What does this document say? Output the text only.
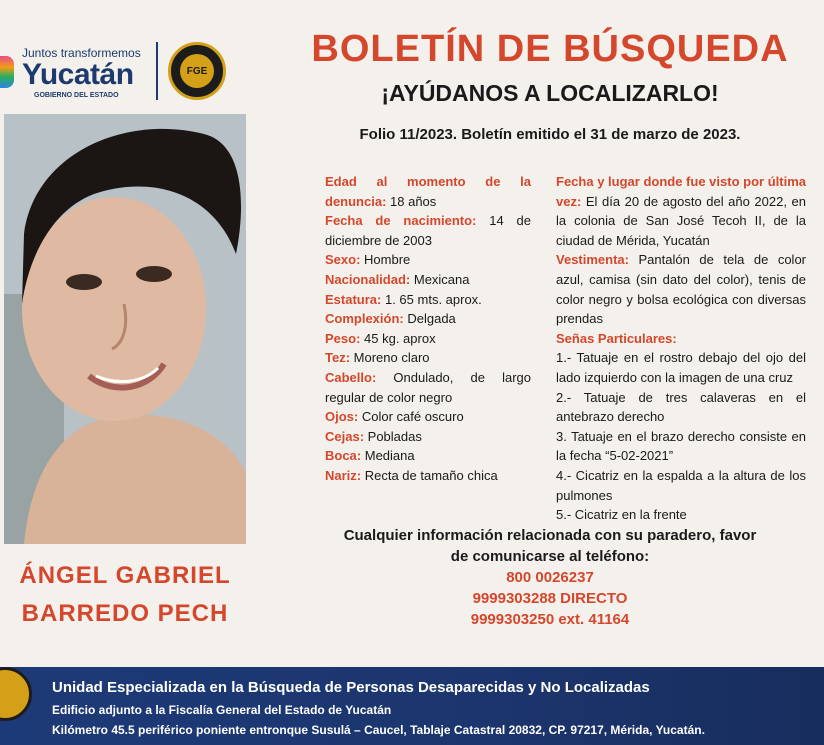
Juntos transformemos
Yucatán
GOBIERNO DEL ESTADO
FGE
BOLETÍN DE BÚSQUEDA
¡AYÚDANOS A LOCALIZARLO!
Folio 11/2023. Boletín emitido el 31 de marzo de 2023.
ÁNGEL GABRIEL
BARREDO PECH

Edad al momento de la denuncia: 18 años

Fecha de nacimiento: 14 de diciembre de 2003

Sexo: Hombre

Nacionalidad: Mexicana

Estatura: 1. 65 mts. aprox.

Complexión: Delgada

Peso: 45 kg. aprox

Tez: Moreno claro

Cabello: Ondulado, de largo regular de color negro

Ojos: Color café oscuro

Cejas: Pobladas

Boca: Mediana

Nariz: Recta de tamaño chica

Fecha y lugar donde fue visto por última vez: El día 20 de agosto del año 2022, en la colonia de San José Tecoh II, de la ciudad de Mérida, Yucatán

Vestimenta: Pantalón de tela de color azul, camisa (sin dato del color), tenis de color negro y bolsa ecológica con diversas prendas

Señas Particulares:

1.- Tatuaje en el rostro debajo del ojo del lado izquierdo con la imagen de una cruz

2.- Tatuaje de tres calaveras en el antebrazo derecho

3. Tatuaje en el brazo derecho consiste en la fecha “5-02-2021”

4.- Cicatriz en la espalda a la altura de los pulmones

5.- Cicatriz en la frente

Cualquier información relacionada con su paradero, favor
de comunicarse al teléfono:
800 0026237
9999303288 DIRECTO
9999303250 ext. 41164
Unidad Especializada en la Búsqueda de Personas Desaparecidas y No Localizadas
Edificio adjunto a la Fiscalía General del Estado de Yucatán
Kilómetro 45.5 periférico poniente entronque Susulá – Caucel, Tablaje Catastral 20832, CP. 97217, Mérida, Yucatán.
